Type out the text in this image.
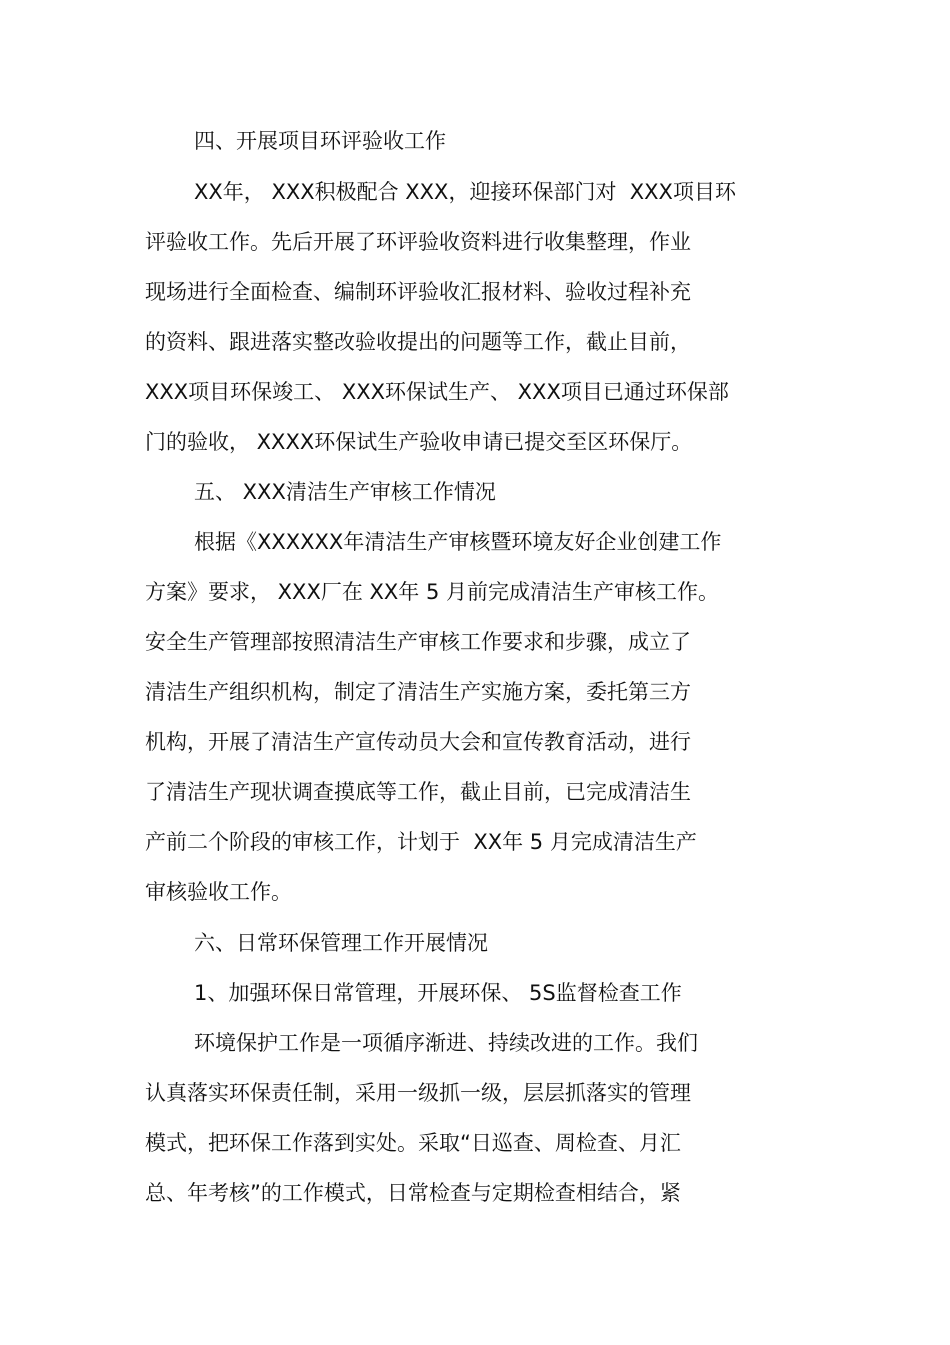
四、开展项目环评验收工作
XX年， XXX积极配合 XXX，迎接环保部门对  XXX项目环
评验收工作。先后开展了环评验收资料进行收集整理，作业
现场进行全面检查、编制环评验收汇报材料、验收过程补充
的资料、跟进落实整改验收提出的问题等工作，截止目前，
XXX项目环保竣工、 XXX环保试生产、 XXX项目已通过环保部
门的验收， XXXX环保试生产验收申请已提交至区环保厅。
五、 XXX清洁生产审核工作情况
根据《XXXXXX年清洁生产审核暨环境友好企业创建工作
方案》要求， XXX厂在 XX年 5 月前完成清洁生产审核工作。
安全生产管理部按照清洁生产审核工作要求和步骤，成立了
清洁生产组织机构，制定了清洁生产实施方案，委托第三方
机构，开展了清洁生产宣传动员大会和宣传教育活动，进行
了清洁生产现状调查摸底等工作，截止目前，已完成清洁生
产前二个阶段的审核工作，计划于  XX年 5 月完成清洁生产
审核验收工作。
六、日常环保管理工作开展情况
1、加强环保日常管理，开展环保、 5S监督检查工作
环境保护工作是一项循序渐进、持续改进的工作。我们
认真落实环保责任制，采用一级抓一级，层层抓落实的管理
模式，把环保工作落到实处。采取“日巡查、周检查、月汇
总、年考核”的工作模式，日常检查与定期检查相结合，紧
